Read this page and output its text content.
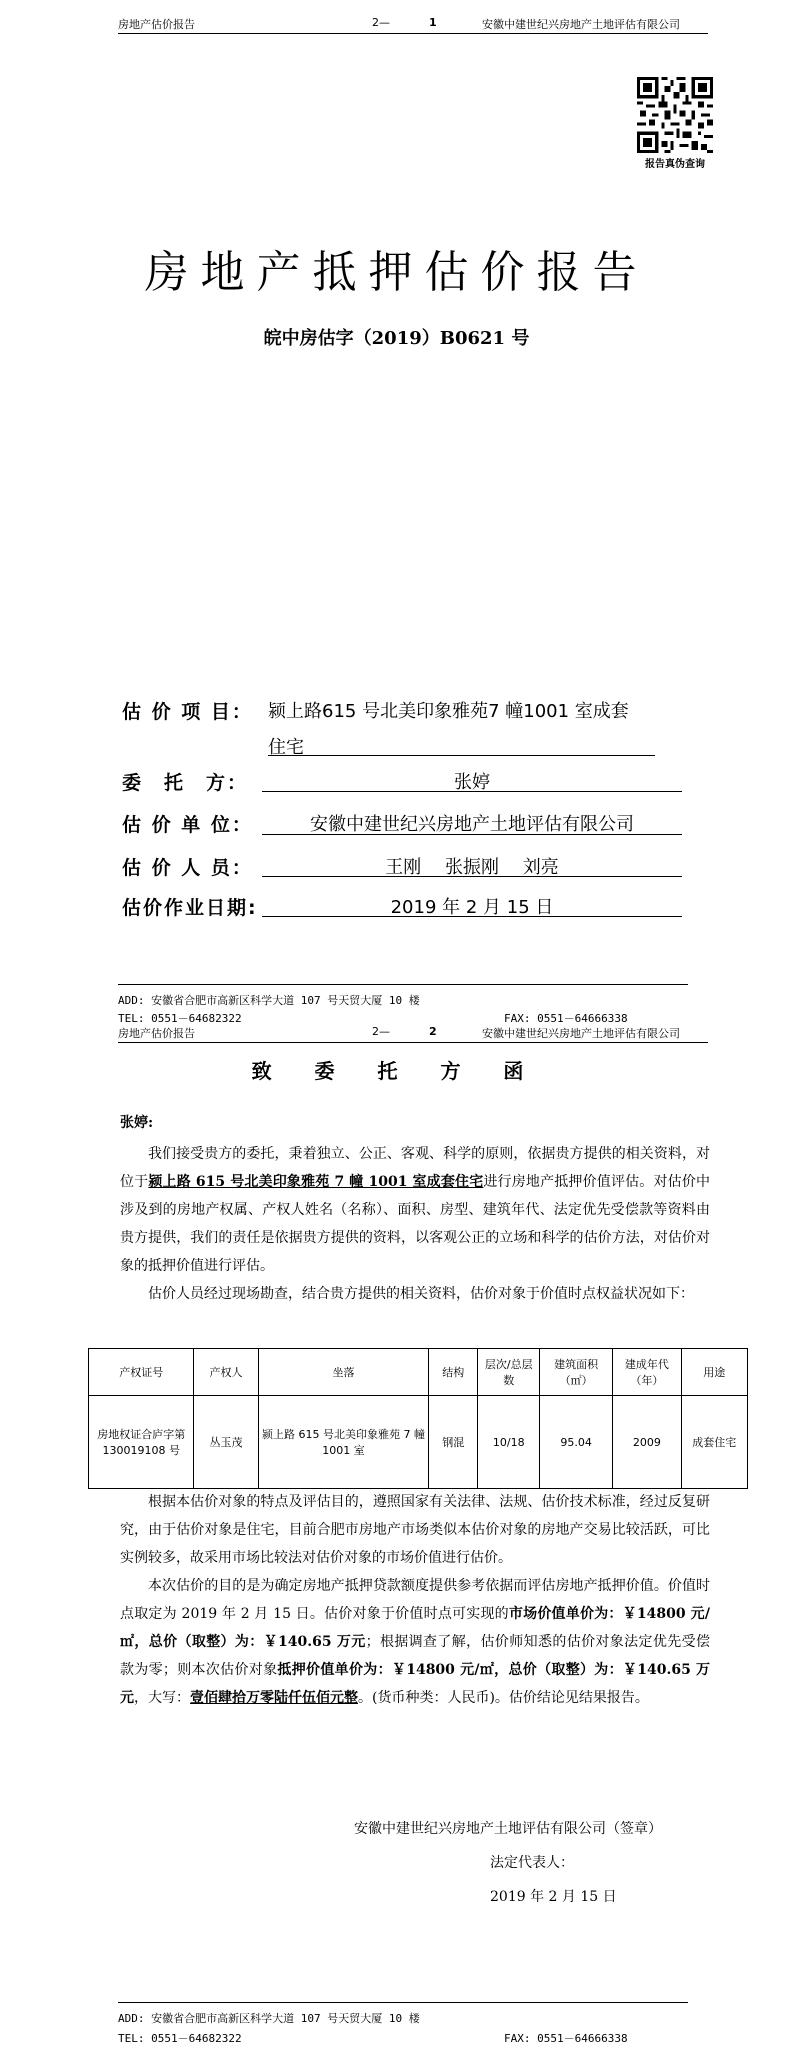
房地产估价报告	2—	1	安徽中建世纪兴房地产土地评估有限公司
报告真伪查询
房地产抵押估价报告
皖中房估字（2019）B0621 号
估 价 项 目： 颍上路615 号北美印象雅苑7 幢1001 室成套
住宅
委　托　方：	张婷
估 价 单 位：	安徽中建世纪兴房地产土地评估有限公司
估 价 人 员：	王刚　 张振刚　 刘亮
估价作业日期:	2019 年 2 月 15 日
ADD: 安徽省合肥市高新区科学大道 107 号天贸大厦 10 楼
TEL: 0551－64682322	FAX: 0551－64666338
房地产估价报告	2—	2	安徽中建世纪兴房地产土地评估有限公司
致 委 托 方 函
张婷:
我们接受贵方的委托，秉着独立、公正、客观、科学的原则，依据贵方提供的相关资料，对位于颍上路 615 号北美印象雅苑 7 幢 1001 室成套住宅进行房地产抵押价值评估。对估价中涉及到的房地产权属、产权人姓名（名称）、面积、房型、建筑年代、法定优先受偿款等资料由贵方提供，我们的责任是依据贵方提供的资料，以客观公正的立场和科学的估价方法，对估价对象的抵押价值进行评估。
估价人员经过现场勘查，结合贵方提供的相关资料，估价对象于价值时点权益状况如下：
产权证号	产权人	坐落	结构	层次/总层数	建筑面积（㎡）	建成年代（年）	用途
房地权证合庐字第130019108 号	丛玉茂	颍上路 615 号北美印象雅苑 7 幢 1001 室	钢混	10/18	95.04	2009	成套住宅
根据本估价对象的特点及评估目的，遵照国家有关法律、法规、估价技术标准，经过反复研究，由于估价对象是住宅，目前合肥市房地产市场类似本估价对象的房地产交易比较活跃，可比实例较多，故采用市场比较法对估价对象的市场价值进行估价。
本次估价的目的是为确定房地产抵押贷款额度提供参考依据而评估房地产抵押价值。价值时点取定为 2019 年 2 月 15 日。估价对象于价值时点可实现的市场价值单价为：￥14800 元/㎡，总价（取整）为：￥140.65 万元；根据调查了解，估价师知悉的估价对象法定优先受偿款为零；则本次估价对象抵押价值单价为：￥14800 元/㎡，总价（取整）为：￥140.65 万元，大写：壹佰肆拾万零陆仟伍佰元整。(货币种类：人民币)。估价结论见结果报告。
安徽中建世纪兴房地产土地评估有限公司（签章）
法定代表人：
2019 年 2 月 15 日
ADD: 安徽省合肥市高新区科学大道 107 号天贸大厦 10 楼
TEL: 0551－64682322	FAX: 0551－64666338
